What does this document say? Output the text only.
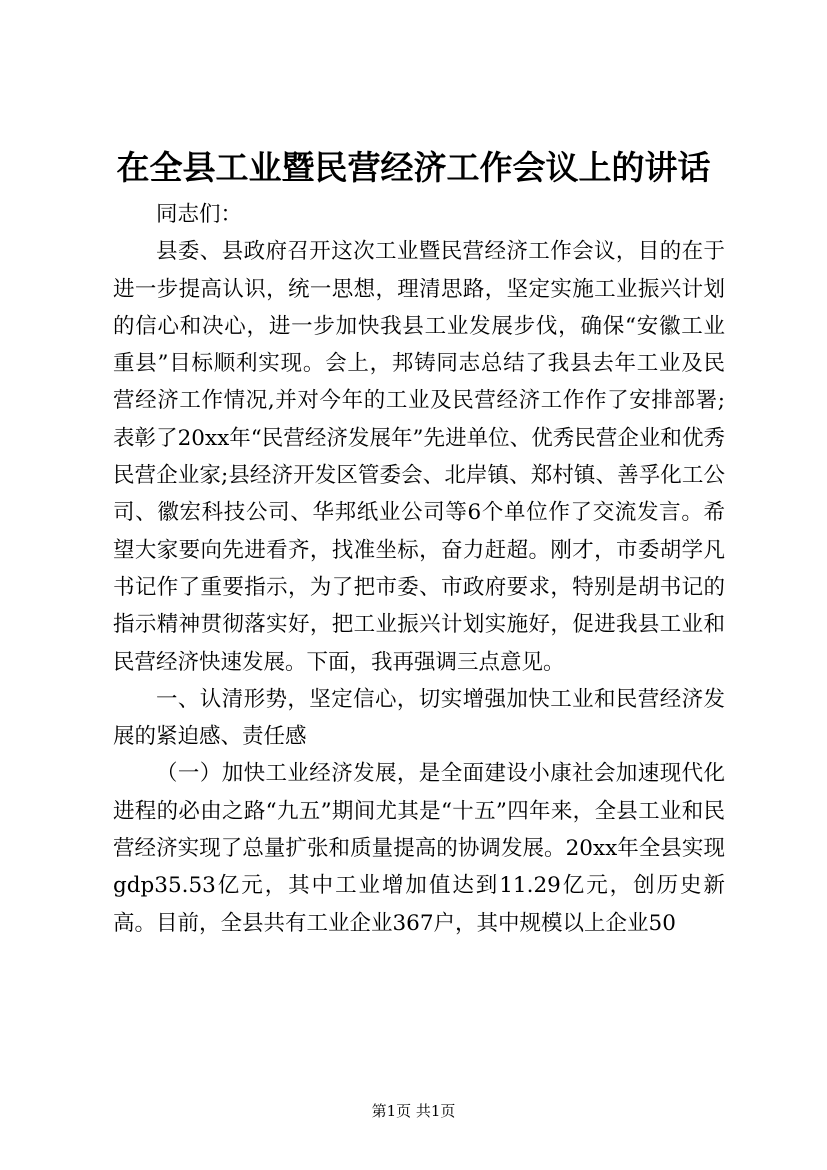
在全县工业暨民营经济工作会议上的讲话

同志们：

县委、县政府召开这次工业暨民营经济工作会议，目的在于进一步提高认识，统一思想，理清思路，坚定实施工业振兴计划的信心和决心，进一步加快我县工业发展步伐，确保“安徽工业重县”目标顺利实现。会上，邦铸同志总结了我县去年工业及民营经济工作情况,并对今年的工业及民营经济工作作了安排部署;表彰了20xx年“民营经济发展年”先进单位、优秀民营企业和优秀民营企业家;县经济开发区管委会、北岸镇、郑村镇、善孚化工公司、徽宏科技公司、华邦纸业公司等6个单位作了交流发言。希望大家要向先进看齐，找准坐标，奋力赶超。刚才，市委胡学凡书记作了重要指示，为了把市委、市政府要求，特别是胡书记的指示精神贯彻落实好，把工业振兴计划实施好，促进我县工业和民营经济快速发展。下面，我再强调三点意见。

一、认清形势，坚定信心，切实增强加快工业和民营经济发展的紧迫感、责任感

（一）加快工业经济发展，是全面建设小康社会加速现代化进程的必由之路“九五”期间尤其是“十五”四年来，全县工业和民营经济实现了总量扩张和质量提高的协调发展。20xx年全县实现gdp35.53亿元，其中工业增加值达到11.29亿元，创历史新高。目前，全县共有工业企业367户，其中规模以上企业50

第1页 共1页
